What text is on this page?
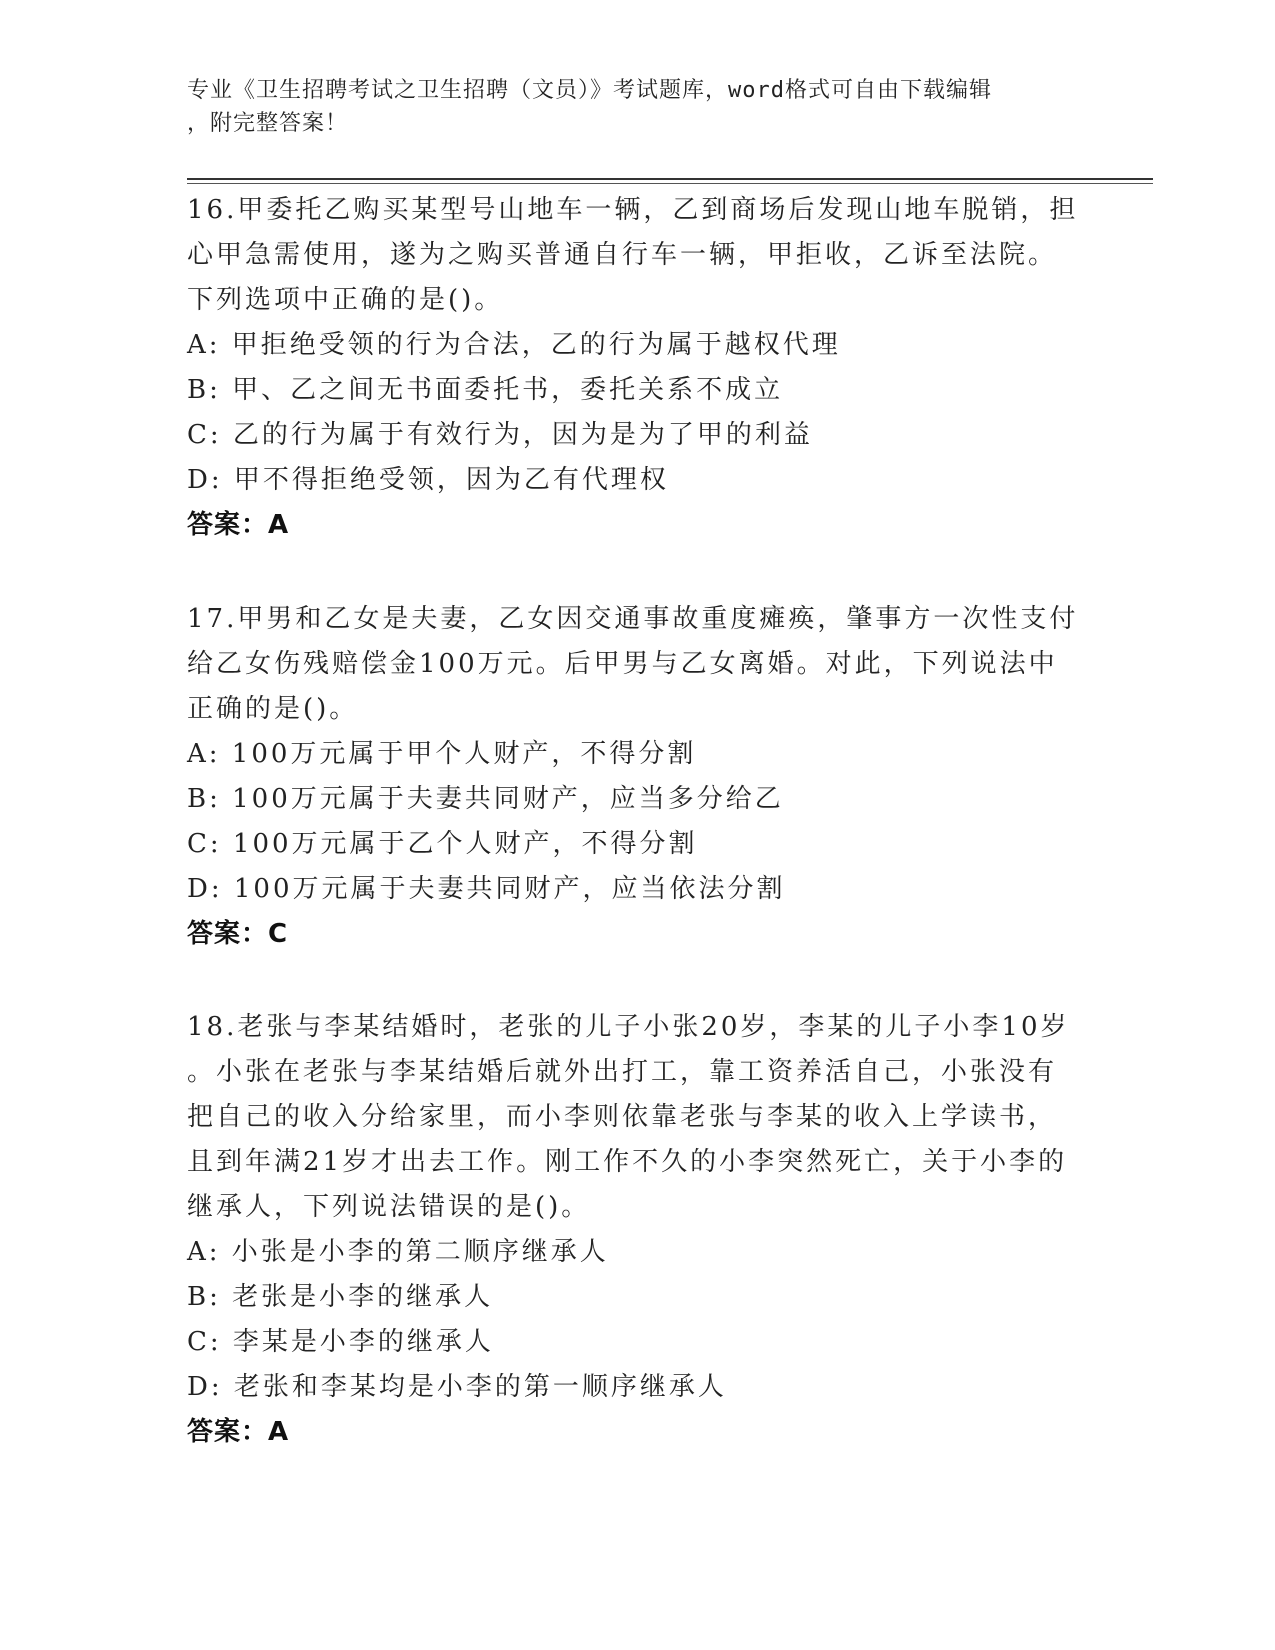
专业《卫生招聘考试之卫生招聘（文员）》考试题库，word格式可自由下载编辑
，附完整答案！

16.甲委托乙购买某型号山地车一辆，乙到商场后发现山地车脱销，担

心甲急需使用，遂为之购买普通自行车一辆，甲拒收，乙诉至法院。

下列选项中正确的是()。

A: 甲拒绝受领的行为合法，乙的行为属于越权代理

B: 甲、乙之间无书面委托书，委托关系不成立

C: 乙的行为属于有效行为，因为是为了甲的利益

D: 甲不得拒绝受领，因为乙有代理权

答案：A

17.甲男和乙女是夫妻，乙女因交通事故重度瘫痪，肇事方一次性支付

给乙女伤残赔偿金100万元。后甲男与乙女离婚。对此，下列说法中

正确的是()。

A: 100万元属于甲个人财产，不得分割

B: 100万元属于夫妻共同财产，应当多分给乙

C: 100万元属于乙个人财产，不得分割

D: 100万元属于夫妻共同财产，应当依法分割

答案：C

18.老张与李某结婚时，老张的儿子小张20岁，李某的儿子小李10岁

。小张在老张与李某结婚后就外出打工，靠工资养活自己，小张没有

把自己的收入分给家里，而小李则依靠老张与李某的收入上学读书，

且到年满21岁才出去工作。刚工作不久的小李突然死亡，关于小李的

继承人，下列说法错误的是()。

A: 小张是小李的第二顺序继承人

B: 老张是小李的继承人

C: 李某是小李的继承人

D: 老张和李某均是小李的第一顺序继承人

答案：A
